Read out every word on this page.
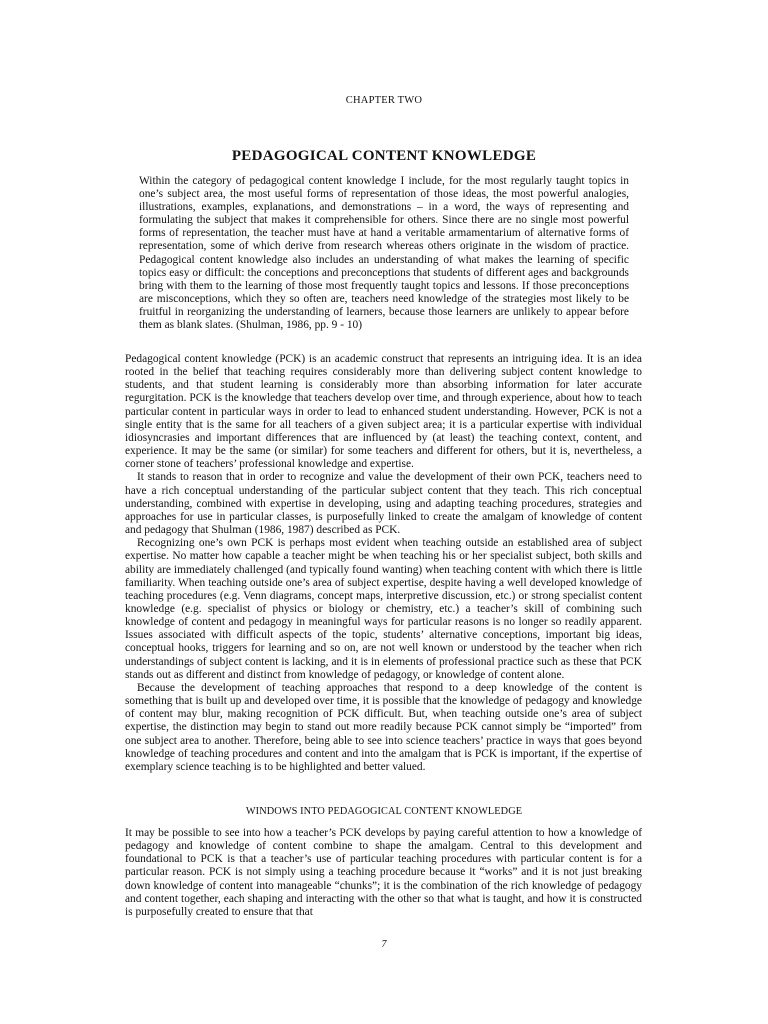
CHAPTER TWO
PEDAGOGICAL CONTENT KNOWLEDGE
Within the category of pedagogical content knowledge I include, for the most regularly taught topics in one’s subject area, the most useful forms of representation of those ideas, the most powerful analogies, illustrations, examples, explanations, and demonstrations – in a word, the ways of representing and formulating the subject that makes it comprehensible for others. Since there are no single most powerful forms of representation, the teacher must have at hand a veritable armamentarium of alternative forms of representation, some of which derive from research whereas others originate in the wisdom of practice. Pedagogical content knowledge also includes an understanding of what makes the learning of specific topics easy or difficult: the conceptions and preconceptions that students of different ages and backgrounds bring with them to the learning of those most frequently taught topics and lessons. If those preconceptions are misconceptions, which they so often are, teachers need knowledge of the strategies most likely to be fruitful in reorganizing the understanding of learners, because those learners are unlikely to appear before them as blank slates. (Shulman, 1986, pp. 9 - 10)

Pedagogical content knowledge (PCK) is an academic construct that represents an intriguing idea. It is an idea rooted in the belief that teaching requires considerably more than delivering subject content knowledge to students, and that student learning is considerably more than absorbing information for later accurate regurgitation. PCK is the knowledge that teachers develop over time, and through experience, about how to teach particular content in particular ways in order to lead to enhanced student understanding. However, PCK is not a single entity that is the same for all teachers of a given subject area; it is a particular expertise with individual idiosyncrasies and important differences that are influenced by (at least) the teaching context, content, and experience. It may be the same (or similar) for some teachers and different for others, but it is, nevertheless, a corner stone of teachers’ professional knowledge and expertise.

It stands to reason that in order to recognize and value the development of their own PCK, teachers need to have a rich conceptual understanding of the particular subject content that they teach. This rich conceptual understanding, combined with expertise in developing, using and adapting teaching procedures, strategies and approaches for use in particular classes, is purposefully linked to create the amalgam of knowledge of content and pedagogy that Shulman (1986, 1987) described as PCK.

Recognizing one’s own PCK is perhaps most evident when teaching outside an established area of subject expertise. No matter how capable a teacher might be when teaching his or her specialist subject, both skills and ability are immediately challenged (and typically found wanting) when teaching content with which there is little familiarity. When teaching outside one’s area of subject expertise, despite having a well developed knowledge of teaching procedures (e.g. Venn diagrams, concept maps, interpretive discussion, etc.) or strong specialist content knowledge (e.g. specialist of physics or biology or chemistry, etc.) a teacher’s skill of combining such knowledge of content and pedagogy in meaningful ways for particular reasons is no longer so readily apparent. Issues associated with difficult aspects of the topic, students’ alternative conceptions, important big ideas, conceptual hooks, triggers for learning and so on, are not well known or understood by the teacher when rich understandings of subject content is lacking, and it is in elements of professional practice such as these that PCK stands out as different and distinct from knowledge of pedagogy, or knowledge of content alone.

Because the development of teaching approaches that respond to a deep knowledge of the content is something that is built up and developed over time, it is possible that the knowledge of pedagogy and knowledge of content may blur, making recognition of PCK difficult. But, when teaching outside one’s area of subject expertise, the distinction may begin to stand out more readily because PCK cannot simply be “imported” from one subject area to another. Therefore, being able to see into science teachers’ practice in ways that goes beyond knowledge of teaching procedures and content and into the amalgam that is PCK is important, if the expertise of exemplary science teaching is to be highlighted and better valued.

WINDOWS INTO PEDAGOGICAL CONTENT KNOWLEDGE

It may be possible to see into how a teacher’s PCK develops by paying careful attention to how a knowledge of pedagogy and knowledge of content combine to shape the amalgam. Central to this development and foundational to PCK is that a teacher’s use of particular teaching procedures with particular content is for a particular reason. PCK is not simply using a teaching procedure because it “works” and it is not just breaking down knowledge of content into manageable “chunks”; it is the combination of the rich knowledge of pedagogy and content together, each shaping and interacting with the other so that what is taught, and how it is constructed is purposefully created to ensure that that

7
